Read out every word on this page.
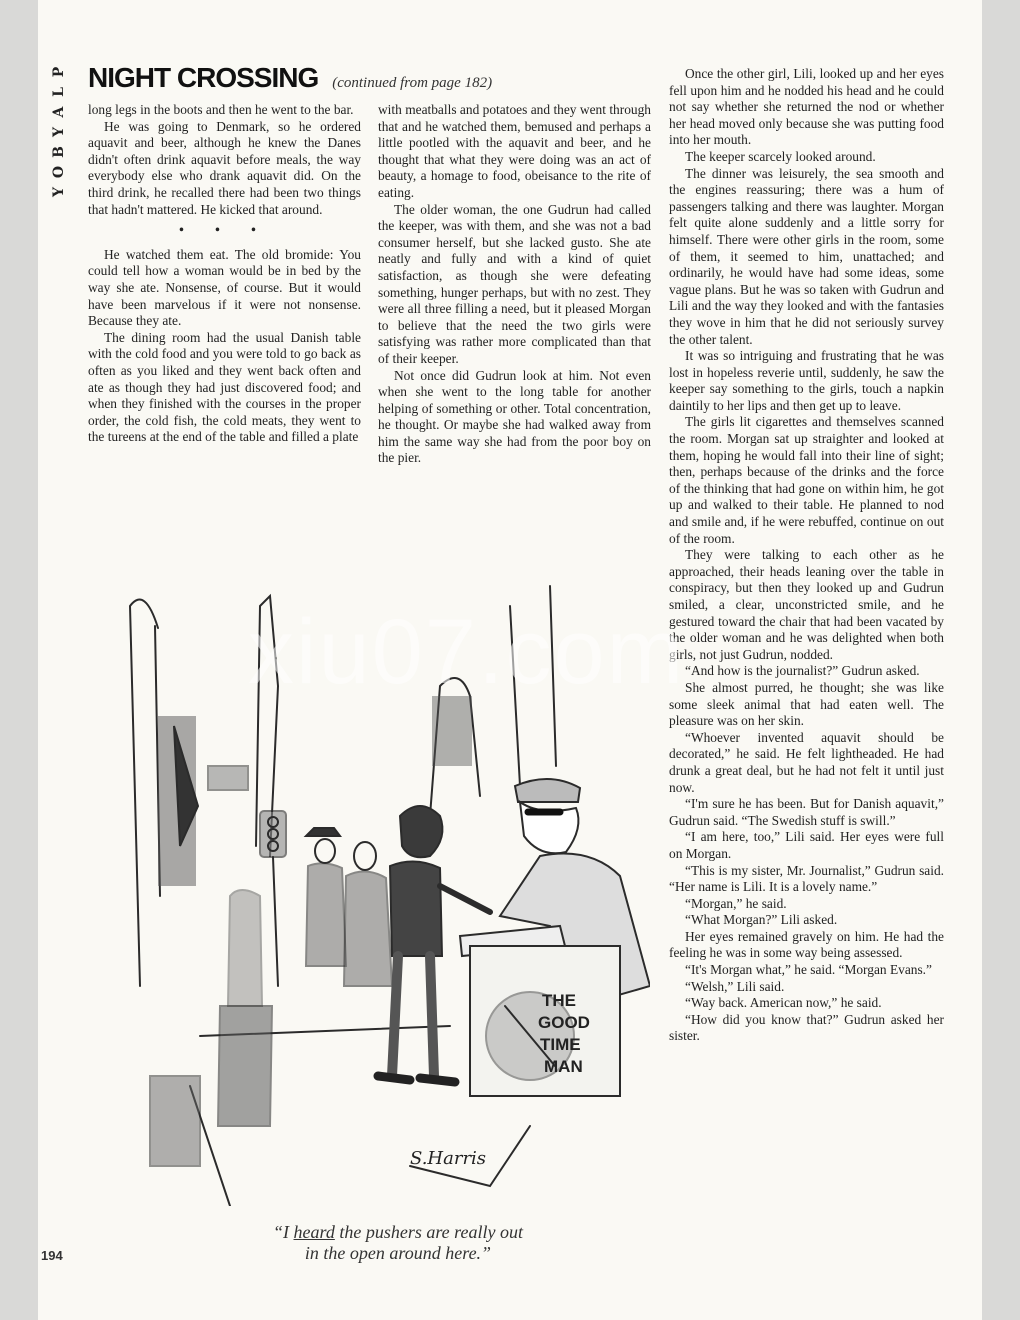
P
L
A
Y
B
O
Y
NIGHT CROSSING (continued from page 182)

long legs in the boots and then he went to the bar.

He was going to Denmark, so he ordered aquavit and beer, although he knew the Danes didn't often drink aquavit before meals, the way everybody else who drank aquavit did. On the third drink, he recalled there had been two things that hadn't mattered. He kicked that around.

• • •

He watched them eat. The old bromide: You could tell how a woman would be in bed by the way she ate. Nonsense, of course. But it would have been marvelous if it were not nonsense. Because they ate.

The dining room had the usual Danish table with the cold food and you were told to go back as often as you liked and they went back often and ate as though they had just discovered food; and when they finished with the courses in the proper order, the cold fish, the cold meats, they went to the tureens at the end of the table and filled a plate

with meatballs and potatoes and they went through that and he watched them, bemused and perhaps a little pootled with the aquavit and beer, and he thought that what they were doing was an act of beauty, a homage to food, obeisance to the rite of eating.

The older woman, the one Gudrun had called the keeper, was with them, and she was not a bad consumer herself, but she lacked gusto. She ate neatly and fully and with a kind of quiet satisfaction, as though she were defeating something, hunger perhaps, but with no zest. They were all three filling a need, but it pleased Morgan to believe that the need the two girls were satisfying was rather more complicated than that of their keeper.

Not once did Gudrun look at him. Not even when she went to the long table for another helping of something or other. Total concentration, he thought. Or maybe she had walked away from him the same way she had from the poor boy on the pier.

Once the other girl, Lili, looked up and her eyes fell upon him and he nodded his head and he could not say whether she returned the nod or whether her head moved only because she was putting food into her mouth.

The keeper scarcely looked around.

The dinner was leisurely, the sea smooth and the engines reassuring; there was a hum of passengers talking and there was laughter. Morgan felt quite alone suddenly and a little sorry for himself. There were other girls in the room, some of them, it seemed to him, unattached; and ordinarily, he would have had some ideas, some vague plans. But he was so taken with Gudrun and Lili and the way they looked and with the fantasies they wove in him that he did not seriously survey the other talent.

It was so intriguing and frustrating that he was lost in hopeless reverie until, suddenly, he saw the keeper say something to the girls, touch a napkin daintily to her lips and then get up to leave.

The girls lit cigarettes and themselves scanned the room. Morgan sat up straighter and looked at them, hoping he would fall into their line of sight; then, perhaps because of the drinks and the force of the thinking that had gone on within him, he got up and walked to their table. He planned to nod and smile and, if he were rebuffed, continue on out of the room.

They were talking to each other as he approached, their heads leaning over the table in conspiracy, but then they looked up and Gudrun smiled, a clear, unconstricted smile, and he gestured toward the chair that had been vacated by the older woman and he was delighted when both girls, not just Gudrun, nodded.

“And how is the journalist?” Gudrun asked.

She almost purred, he thought; she was like some sleek animal that had eaten well. The pleasure was on her skin.

“Whoever invented aquavit should be decorated,” he said. He felt lightheaded. He had drunk a great deal, but he had not felt it until just now.

“I'm sure he has been. But for Danish aquavit,” Gudrun said. “The Swedish stuff is swill.”

“I am here, too,” Lili said. Her eyes were full on Morgan.

“This is my sister, Mr. Journalist,” Gudrun said. “Her name is Lili. It is a lovely name.”

“Morgan,” he said.

“What Morgan?” Lili asked.

Her eyes remained gravely on him. He had the feeling he was in some way being assessed.

“It's Morgan what,” he said. “Morgan Evans.”

“Welsh,” Lili said.

“Way back. American now,” he said.

“How did you know that?” Gudrun asked her sister.

THE
GOOD
TIME
MAN
S.Harris
xiu07.com
“I heard the pushers are really out
in the open around here.”
194
